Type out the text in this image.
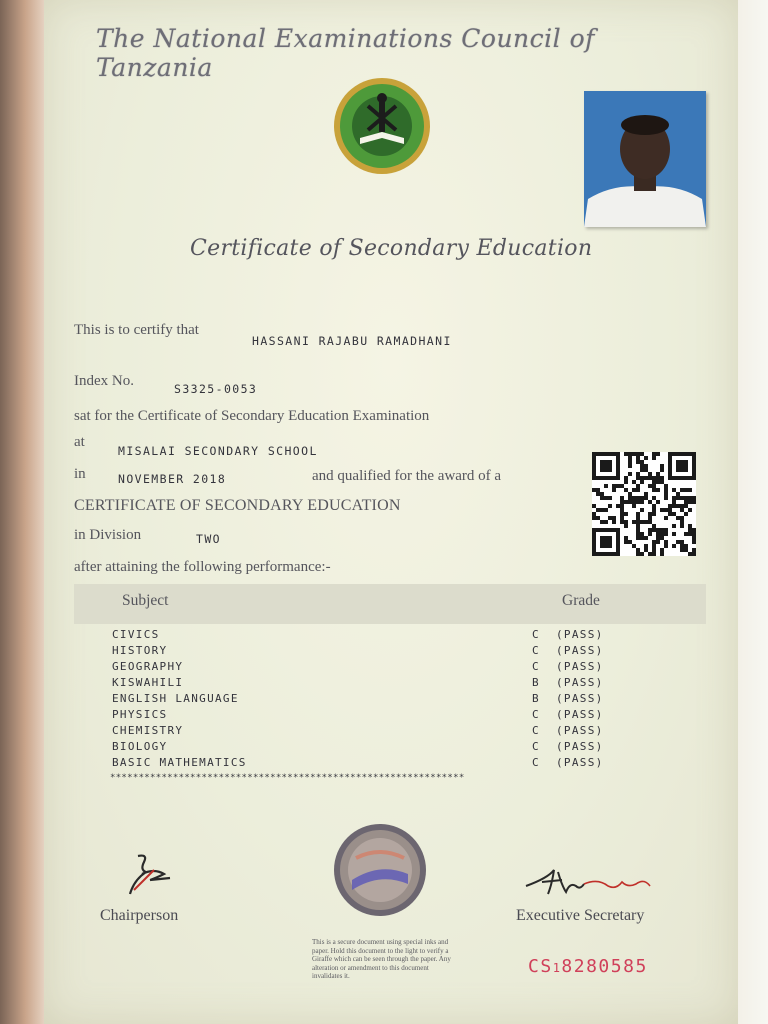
The National Examinations Council of Tanzania
Certificate of Secondary Education
This is to certify that
HASSANI RAJABU RAMADHANI
Index No.	S3325-0053
sat for the Certificate of Secondary Education Examination
at
MISALAI SECONDARY SCHOOL
in	NOVEMBER 2018	and qualified for the award of a
CERTIFICATE OF SECONDARY EDUCATION
in Division	TWO
after attaining the following performance:-
Subject	Grade
CIVICS	C (PASS)
HISTORY	C (PASS)
GEOGRAPHY	C (PASS)
KISWAHILI	B (PASS)
ENGLISH LANGUAGE	B (PASS)
PHYSICS	C (PASS)
CHEMISTRY	C (PASS)
BIOLOGY	C (PASS)
BASIC MATHEMATICS	C (PASS)
**************************************************************
Chairperson	Executive Secretary
This is a secure document using special inks and paper. Hold this document to the light to verify a Giraffe which can be seen through the paper. Any alteration or amendment to this document invalidates it.	CS18280585
